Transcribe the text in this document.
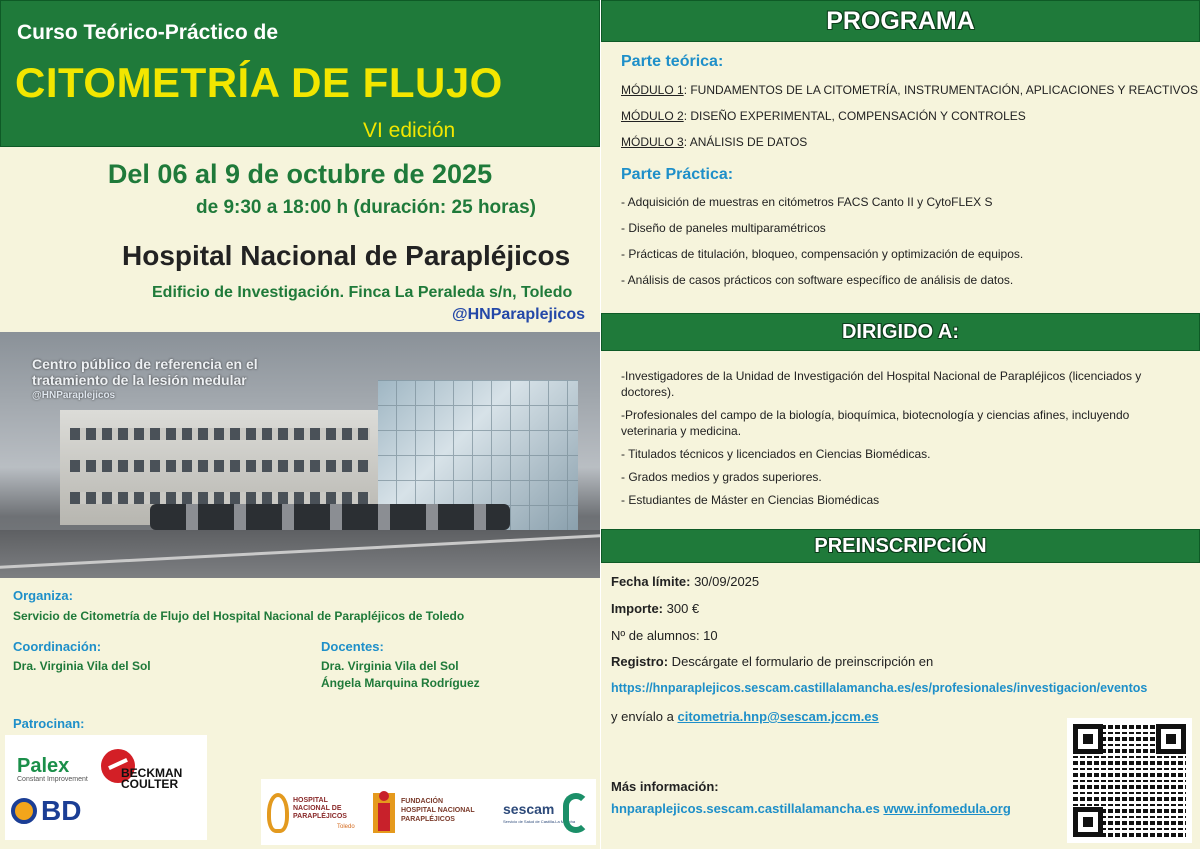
Curso Teórico-Práctico de
CITOMETRÍA DE FLUJO
VI edición
Del 06 al 9 de octubre de 2025
de 9:30 a 18:00 h (duración: 25 horas)
Hospital Nacional de Parapléjicos
Edificio de Investigación. Finca La Peraleda s/n, Toledo
@HNParaplejicos
Centro público de referencia en el
tratamiento de la lesión medular
@HNParaplejicos
Organiza:
Servicio de Citometría de Flujo del Hospital Nacional de Parapléjicos de Toledo
Coordinación:
Dra. Virginia Vila del Sol
Docentes:
Dra. Virginia Vila del Sol
Ángela Marquina Rodríguez
Patrocinan:
Palex
Constant Improvement	BECKMAN
COULTER
BD	HOSPITAL
NACIONAL DE
PARAPLÉJICOS
Toledo
FUNDACIÓN
HOSPITAL NACIONAL
PARAPLÉJICOS
sescam
Servicio de Salud de Castilla-La Mancha
PROGRAMA
Parte teórica:
MÓDULO 1: FUNDAMENTOS DE LA CITOMETRÍA, INSTRUMENTACIÓN, APLICACIONES Y REACTIVOS
MÓDULO 2: DISEÑO EXPERIMENTAL, COMPENSACIÓN Y CONTROLES
MÓDULO 3: ANÁLISIS DE DATOS
Parte Práctica:
- Adquisición de muestras en citómetros FACS Canto II y CytoFLEX S
- Diseño de paneles multiparamétricos
- Prácticas de titulación, bloqueo, compensación y optimización de equipos.
- Análisis de casos prácticos con software específico de análisis de datos.
DIRIGIDO A:
-Investigadores de la Unidad de Investigación del Hospital Nacional de Parapléjicos (licenciados y
doctores).
-Profesionales del campo de la biología, bioquímica, biotecnología y ciencias afines, incluyendo
veterinaria y medicina.
- Titulados técnicos y licenciados en Ciencias Biomédicas.
- Grados medios y grados superiores.
- Estudiantes de Máster en Ciencias Biomédicas
PREINSCRIPCIÓN
Fecha límite: 30/09/2025
Importe: 300 €
Nº de alumnos: 10
Registro: Descárgate el formulario de preinscripción en
https://hnparaplejicos.sescam.castillalamancha.es/es/profesionales/investigacion/eventos
y envíalo a citometria.hnp@sescam.jccm.es
Más información:
hnparaplejicos.sescam.castillalamancha.es www.infomedula.org
